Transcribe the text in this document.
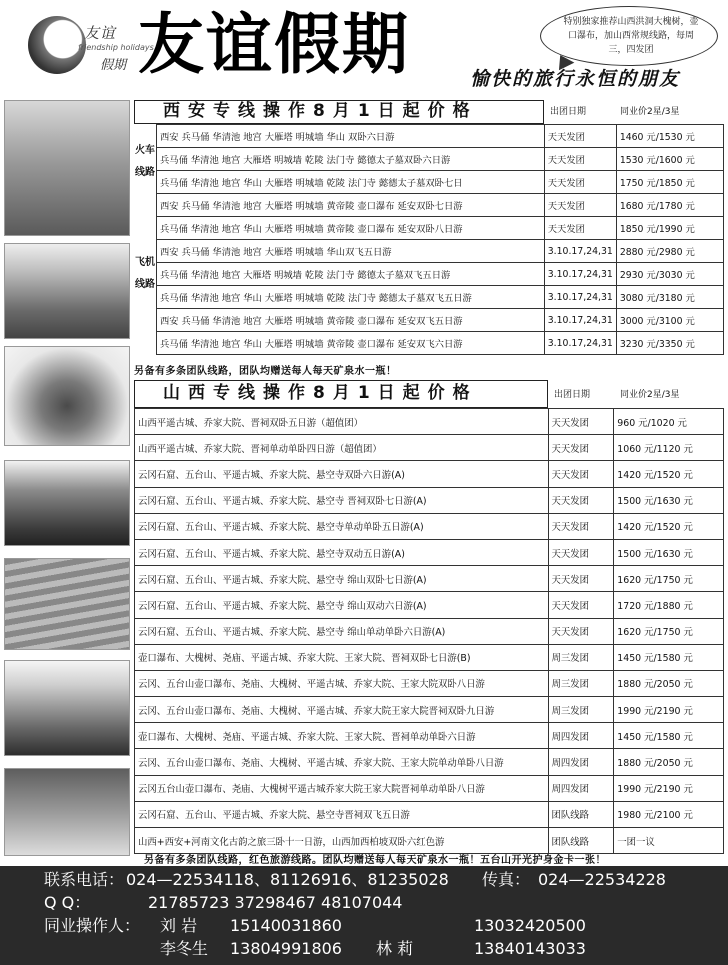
友谊
friendship holidays
假期 友谊假期	愉快的旅行永恒的朋友
特别独家推荐山西洪洞大槐树，壶口瀑布，加山西常规线路，每周三，四发团
西安专线操作8月1日起价格	出团日期	同业价2星/3星
火车线路
飞机线路
西安 兵马俑 华清池 地宫 大雁塔 明城墙 华山 双卧六日游	天天发团	1460 元/1530 元
兵马俑 华清池 地宫 大雁塔 明城墙 乾陵 法门寺 懿德太子墓双卧六日游	天天发团	1530 元/1600 元
兵马俑 华清池 地宫 华山 大雁塔 明城墙 乾陵 法门寺 懿德太子墓双卧七日	天天发团	1750 元/1850 元
西安 兵马俑 华清池 地宫 大雁塔 明城墙 黄帝陵 壶口瀑布 延安双卧七日游	天天发团	1680 元/1780 元
兵马俑 华清池 地宫 华山 大雁塔 明城墙 黄帝陵 壶口瀑布 延安双卧八日游	天天发团	1850 元/1990 元
西安 兵马俑 华清池 地宫 大雁塔 明城墙 华山双飞五日游	3.10.17,24,31	2880 元/2980 元
兵马俑 华清池 地宫 大雁塔 明城墙 乾陵 法门寺 懿德太子墓双飞五日游	3.10.17,24,31	2930 元/3030 元
兵马俑 华清池 地宫 华山 大雁塔 明城墙 乾陵 法门寺 懿德太子墓双飞五日游	3.10.17,24,31	3080 元/3180 元
西安 兵马俑 华清池 地宫 大雁塔 明城墙 黄帝陵 壶口瀑布 延安双飞五日游	3.10.17,24,31	3000 元/3100 元
兵马俑 华清池 地宫 华山 大雁塔 明城墙 黄帝陵 壶口瀑布 延安双飞六日游	3.10.17,24,31	3230 元/3350 元
另备有多条团队线路，团队均赠送每人每天矿泉水一瓶！
山西专线操作8月1日起价格	出团日期	同业价2星/3星
山西平遥古城、乔家大院、晋祠双卧五日游（超值团）	天天发团	960 元/1020 元
山西平遥古城、乔家大院、晋祠单动单卧四日游（超值团）	天天发团	1060 元/1120 元
云冈石窟、五台山、平遥古城、乔家大院、悬空寺双卧六日游(A)	天天发团	1420 元/1520 元
云冈石窟、五台山、平遥古城、乔家大院、悬空寺 晋祠双卧七日游(A)	天天发团	1500 元/1630 元
云冈石窟、五台山、平遥古城、乔家大院、悬空寺单动单卧五日游(A)	天天发团	1420 元/1520 元
云冈石窟、五台山、平遥古城、乔家大院、悬空寺双动五日游(A)	天天发团	1500 元/1630 元
云冈石窟、五台山、平遥古城、乔家大院、悬空寺 绵山双卧七日游(A)	天天发团	1620 元/1750 元
云冈石窟、五台山、平遥古城、乔家大院、悬空寺 绵山双动六日游(A)	天天发团	1720 元/1880 元
云冈石窟、五台山、平遥古城、乔家大院、悬空寺 绵山单动单卧六日游(A)	天天发团	1620 元/1750 元
壶口瀑布、大槐树、尧庙、平遥古城、乔家大院、王家大院、晋祠双卧七日游(B)	周三发团	1450 元/1580 元
云冈、五台山壶口瀑布、尧庙、大槐树、平遥古城、乔家大院、王家大院双卧八日游	周三发团	1880 元/2050 元
云冈、五台山壶口瀑布、尧庙、大槐树、平遥古城、乔家大院王家大院晋祠双卧九日游	周三发团	1990 元/2190 元
壶口瀑布、大槐树、尧庙、平遥古城、乔家大院、王家大院、晋祠单动单卧六日游	周四发团	1450 元/1580 元
云冈、五台山壶口瀑布、尧庙、大槐树、平遥古城、乔家大院、王家大院单动单卧八日游	周四发团	1880 元/2050 元
云冈五台山壶口瀑布、尧庙、大槐树平遥古城乔家大院王家大院晋祠单动单卧八日游	周四发团	1990 元/2190 元
云冈石窟、五台山、平遥古城、乔家大院、悬空寺晋祠双飞五日游	团队线路	1980 元/2100 元
山西+西安+河南文化古韵之旅三卧十一日游，山西加西柏坡双卧六红色游	团队线路	一团一议
另备有多条团队线路，红色旅游线路。团队均赠送每人每天矿泉水一瓶！五台山开光护身金卡一张！
联系电话： 024—22534118、81126916、81235028 传真： 024—22534228
Q Q：	21785723 37298467 48107044
同业操作人： 刘 岩 15140031860	13032420500
李冬生 13804991806 林 莉	13840143033
